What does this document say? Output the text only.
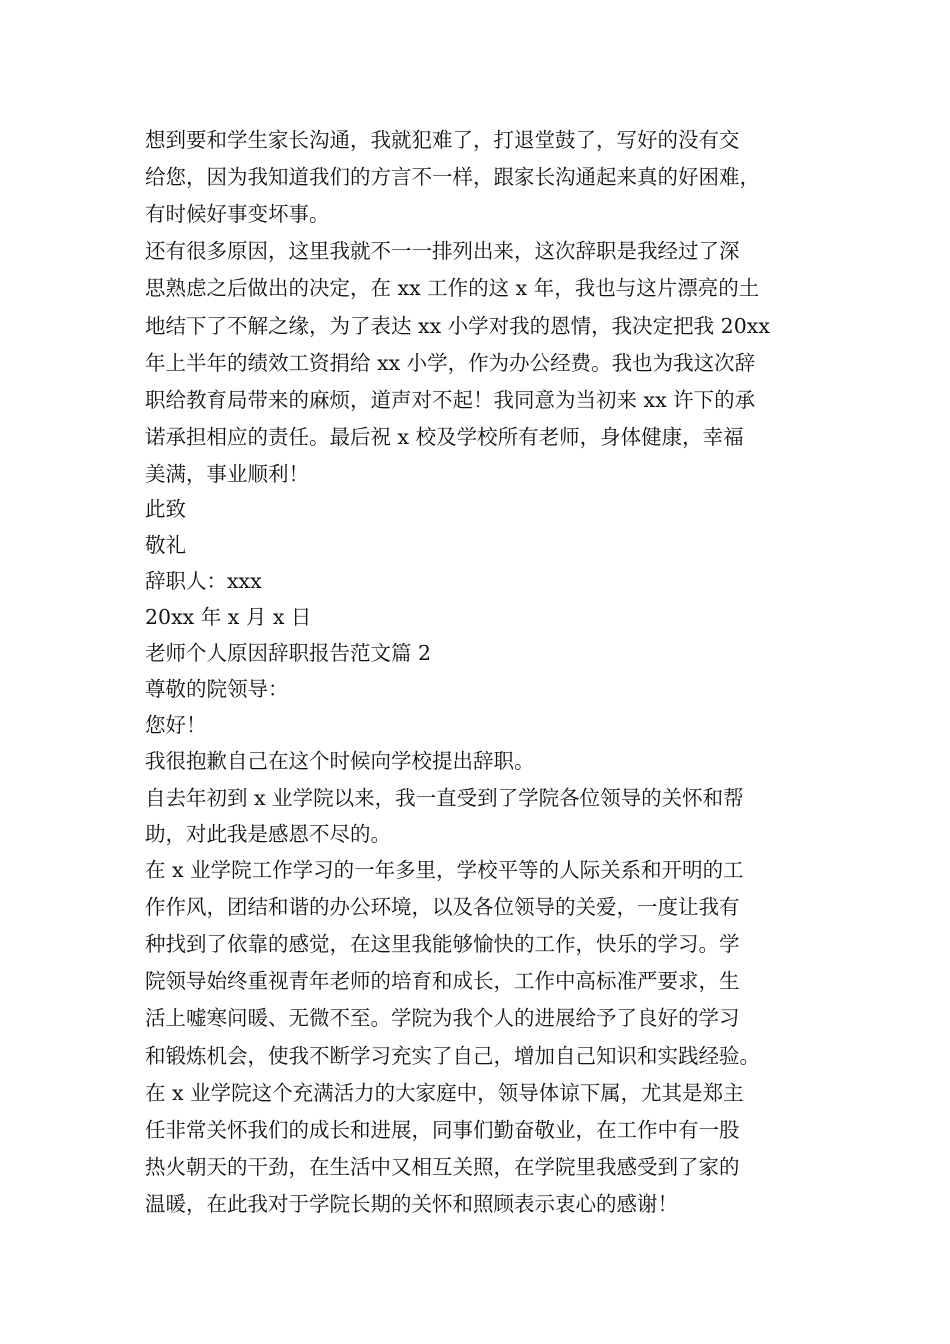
想到要和学生家长沟通，我就犯难了，打退堂鼓了，写好的没有交
给您，因为我知道我们的方言不一样，跟家长沟通起来真的好困难，
有时候好事变坏事。
还有很多原因，这里我就不一一排列出来，这次辞职是我经过了深
思熟虑之后做出的决定，在 xx 工作的这 x 年，我也与这片漂亮的土
地结下了不解之缘，为了表达 xx 小学对我的恩情，我决定把我 20xx
年上半年的绩效工资捐给 xx 小学，作为办公经费。我也为我这次辞
职给教育局带来的麻烦，道声对不起！我同意为当初来 xx 许下的承
诺承担相应的责任。最后祝 x 校及学校所有老师，身体健康，幸福
美满，事业顺利！
此致
敬礼
辞职人：xxx
20xx 年 x 月 x 日
老师个人原因辞职报告范文篇 2
尊敬的院领导：
您好！
我很抱歉自己在这个时候向学校提出辞职。
自去年初到 x 业学院以来，我一直受到了学院各位领导的关怀和帮
助，对此我是感恩不尽的。
在 x 业学院工作学习的一年多里，学校平等的人际关系和开明的工
作作风，团结和谐的办公环境，以及各位领导的关爱，一度让我有
种找到了依靠的感觉，在这里我能够愉快的工作，快乐的学习。学
院领导始终重视青年老师的培育和成长，工作中高标准严要求，生
活上嘘寒问暖、无微不至。学院为我个人的进展给予了良好的学习
和锻炼机会，使我不断学习充实了自己，增加自己知识和实践经验。
在 x 业学院这个充满活力的大家庭中，领导体谅下属，尤其是郑主
任非常关怀我们的成长和进展，同事们勤奋敬业，在工作中有一股
热火朝天的干劲，在生活中又相互关照，在学院里我感受到了家的
温暖，在此我对于学院长期的关怀和照顾表示衷心的感谢！
